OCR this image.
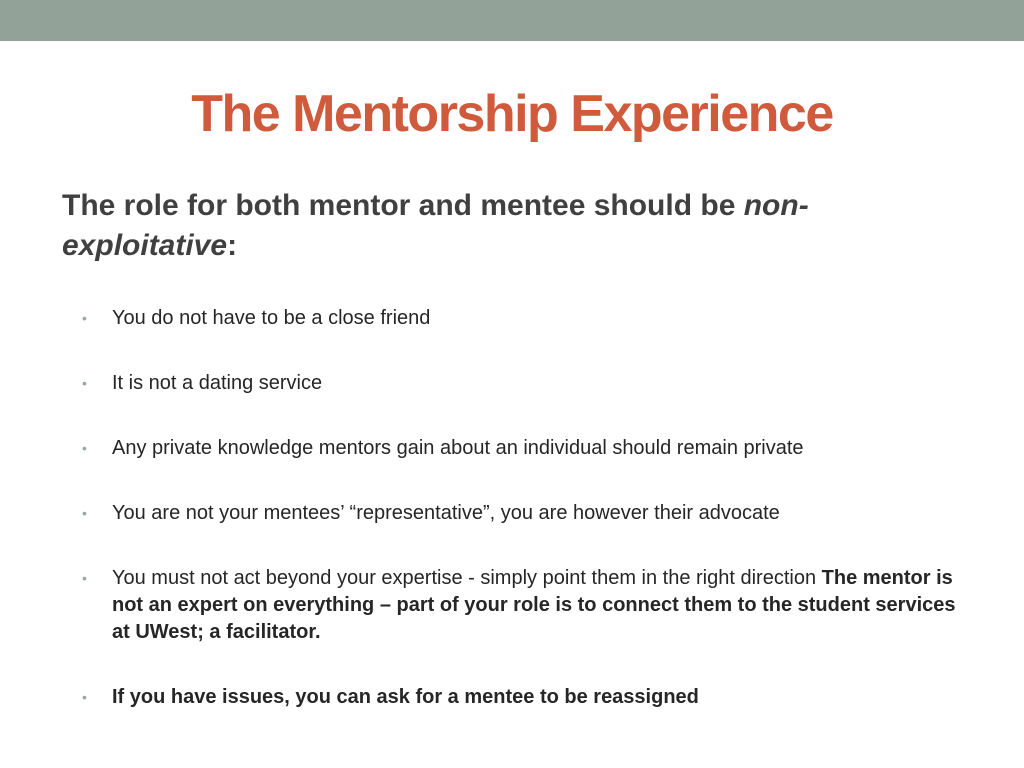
The Mentorship Experience

The role for both mentor and mentee should be non-exploitative:

•	You do not have to be a close friend
•	It is not a dating service
•	Any private knowledge mentors gain about an individual should remain private
•	You are not your mentees’ “representative”, you are however their advocate
•	You must not act beyond your expertise - simply point them in the right direction The mentor is not an expert on everything – part of your role is to connect them to the student services at UWest; a facilitator.
•	If you have issues, you can ask for a mentee to be reassigned
